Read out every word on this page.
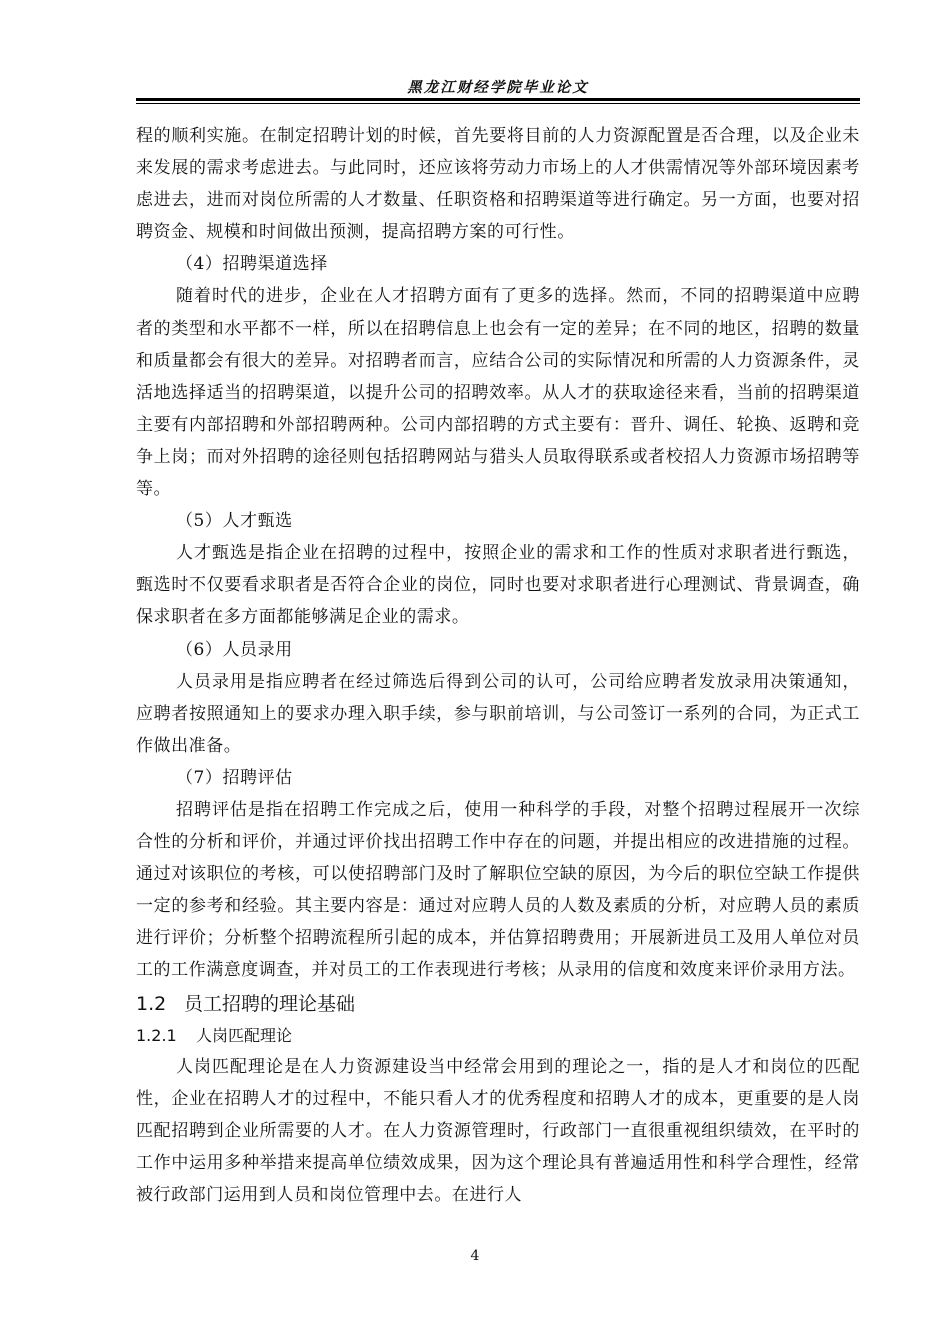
黑龙江财经学院毕业论文

程的顺利实施。在制定招聘计划的时候，首先要将目前的人力资源配置是否合理，以及企业未来发展的需求考虑进去。与此同时，还应该将劳动力市场上的人才供需情况等外部环境因素考虑进去，进而对岗位所需的人才数量、任职资格和招聘渠道等进行确定。另一方面，也要对招聘资金、规模和时间做出预测，提高招聘方案的可行性。

（4）招聘渠道选择

随着时代的进步，企业在人才招聘方面有了更多的选择。然而，不同的招聘渠道中应聘者的类型和水平都不一样，所以在招聘信息上也会有一定的差异；在不同的地区，招聘的数量和质量都会有很大的差异。对招聘者而言，应结合公司的实际情况和所需的人力资源条件，灵活地选择适当的招聘渠道，以提升公司的招聘效率。从人才的获取途径来看，当前的招聘渠道主要有内部招聘和外部招聘两种。公司内部招聘的方式主要有：晋升、调任、轮换、返聘和竞争上岗；而对外招聘的途径则包括招聘网站与猎头人员取得联系或者校招人力资源市场招聘等等。

（5）人才甄选

人才甄选是指企业在招聘的过程中，按照企业的需求和工作的性质对求职者进行甄选，甄选时不仅要看求职者是否符合企业的岗位，同时也要对求职者进行心理测试、背景调查，确保求职者在多方面都能够满足企业的需求。

（6）人员录用

人员录用是指应聘者在经过筛选后得到公司的认可，公司给应聘者发放录用决策通知，应聘者按照通知上的要求办理入职手续，参与职前培训，与公司签订一系列的合同，为正式工作做出准备。

（7）招聘评估

招聘评估是指在招聘工作完成之后，使用一种科学的手段，对整个招聘过程展开一次综合性的分析和评价，并通过评价找出招聘工作中存在的问题，并提出相应的改进措施的过程。通过对该职位的考核，可以使招聘部门及时了解职位空缺的原因，为今后的职位空缺工作提供一定的参考和经验。其主要内容是：通过对应聘人员的人数及素质的分析，对应聘人员的素质进行评价；分析整个招聘流程所引起的成本，并估算招聘费用；开展新进员工及用人单位对员工的工作满意度调查，并对员工的工作表现进行考核；从录用的信度和效度来评价录用方法。

1.2 员工招聘的理论基础

1.2.1 人岗匹配理论

人岗匹配理论是在人力资源建设当中经常会用到的理论之一，指的是人才和岗位的匹配性，企业在招聘人才的过程中，不能只看人才的优秀程度和招聘人才的成本，更重要的是人岗匹配招聘到企业所需要的人才。在人力资源管理时，行政部门一直很重视组织绩效，在平时的工作中运用多种举措来提高单位绩效成果，因为这个理论具有普遍适用性和科学合理性，经常被行政部门运用到人员和岗位管理中去。在进行人

4
